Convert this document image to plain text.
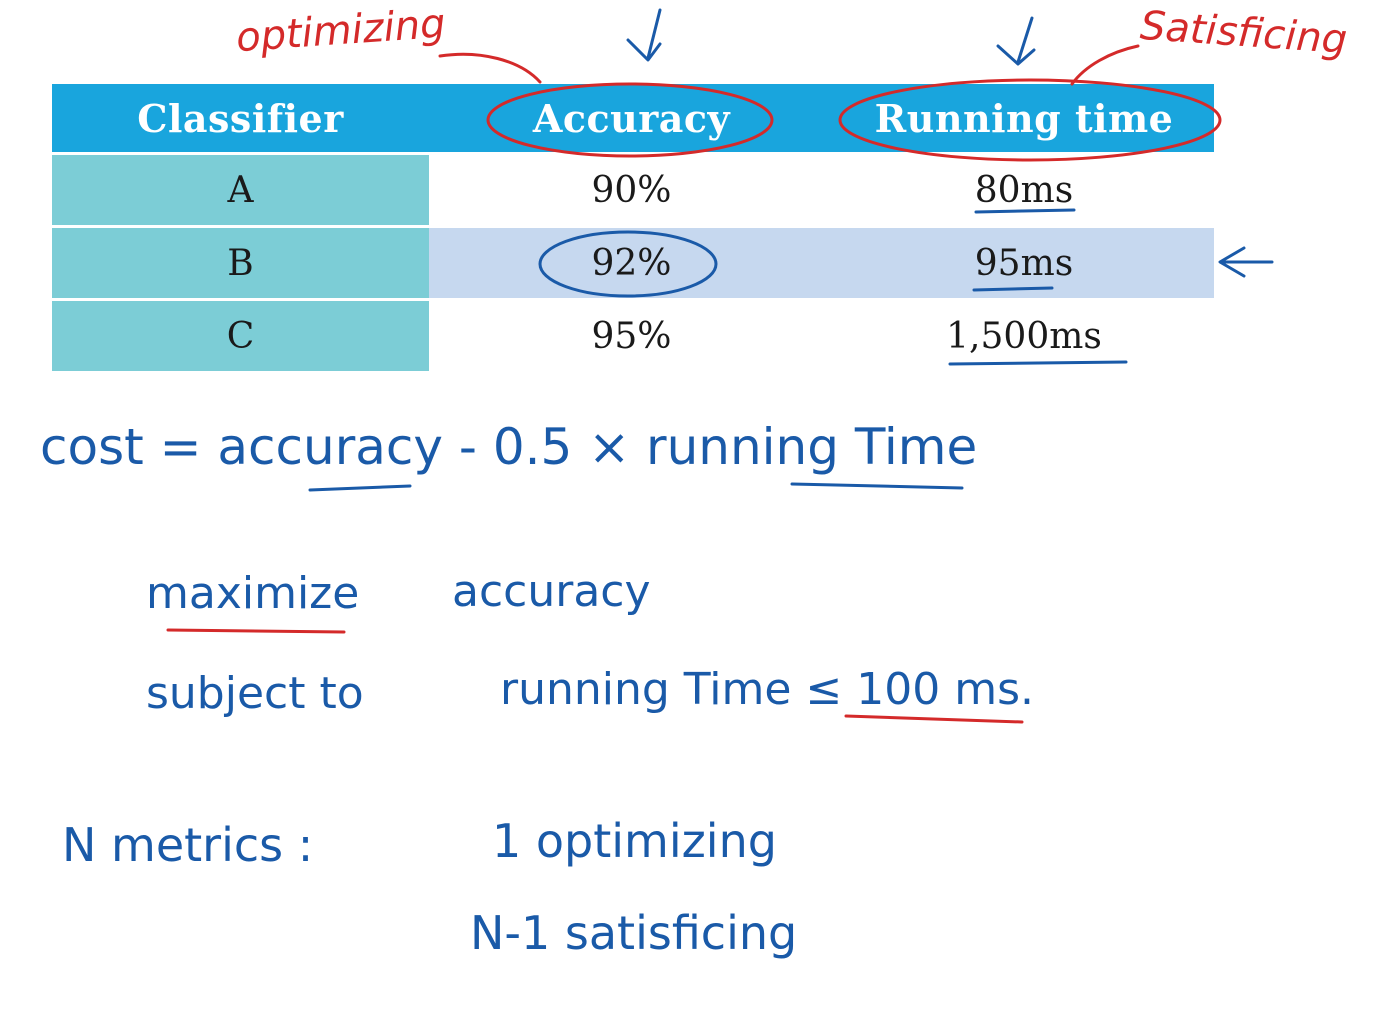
Classifier	Accuracy	Running time
A	90%	80ms
B	92%	95ms
C	95%	1,500ms
optimizing	Satisficing
cost = accuracy - 0.5 × running Time
maximize accuracy
subject to	running Time ≤ 100 ms.
N metrics :	1 optimizing
N-1 satisficing
